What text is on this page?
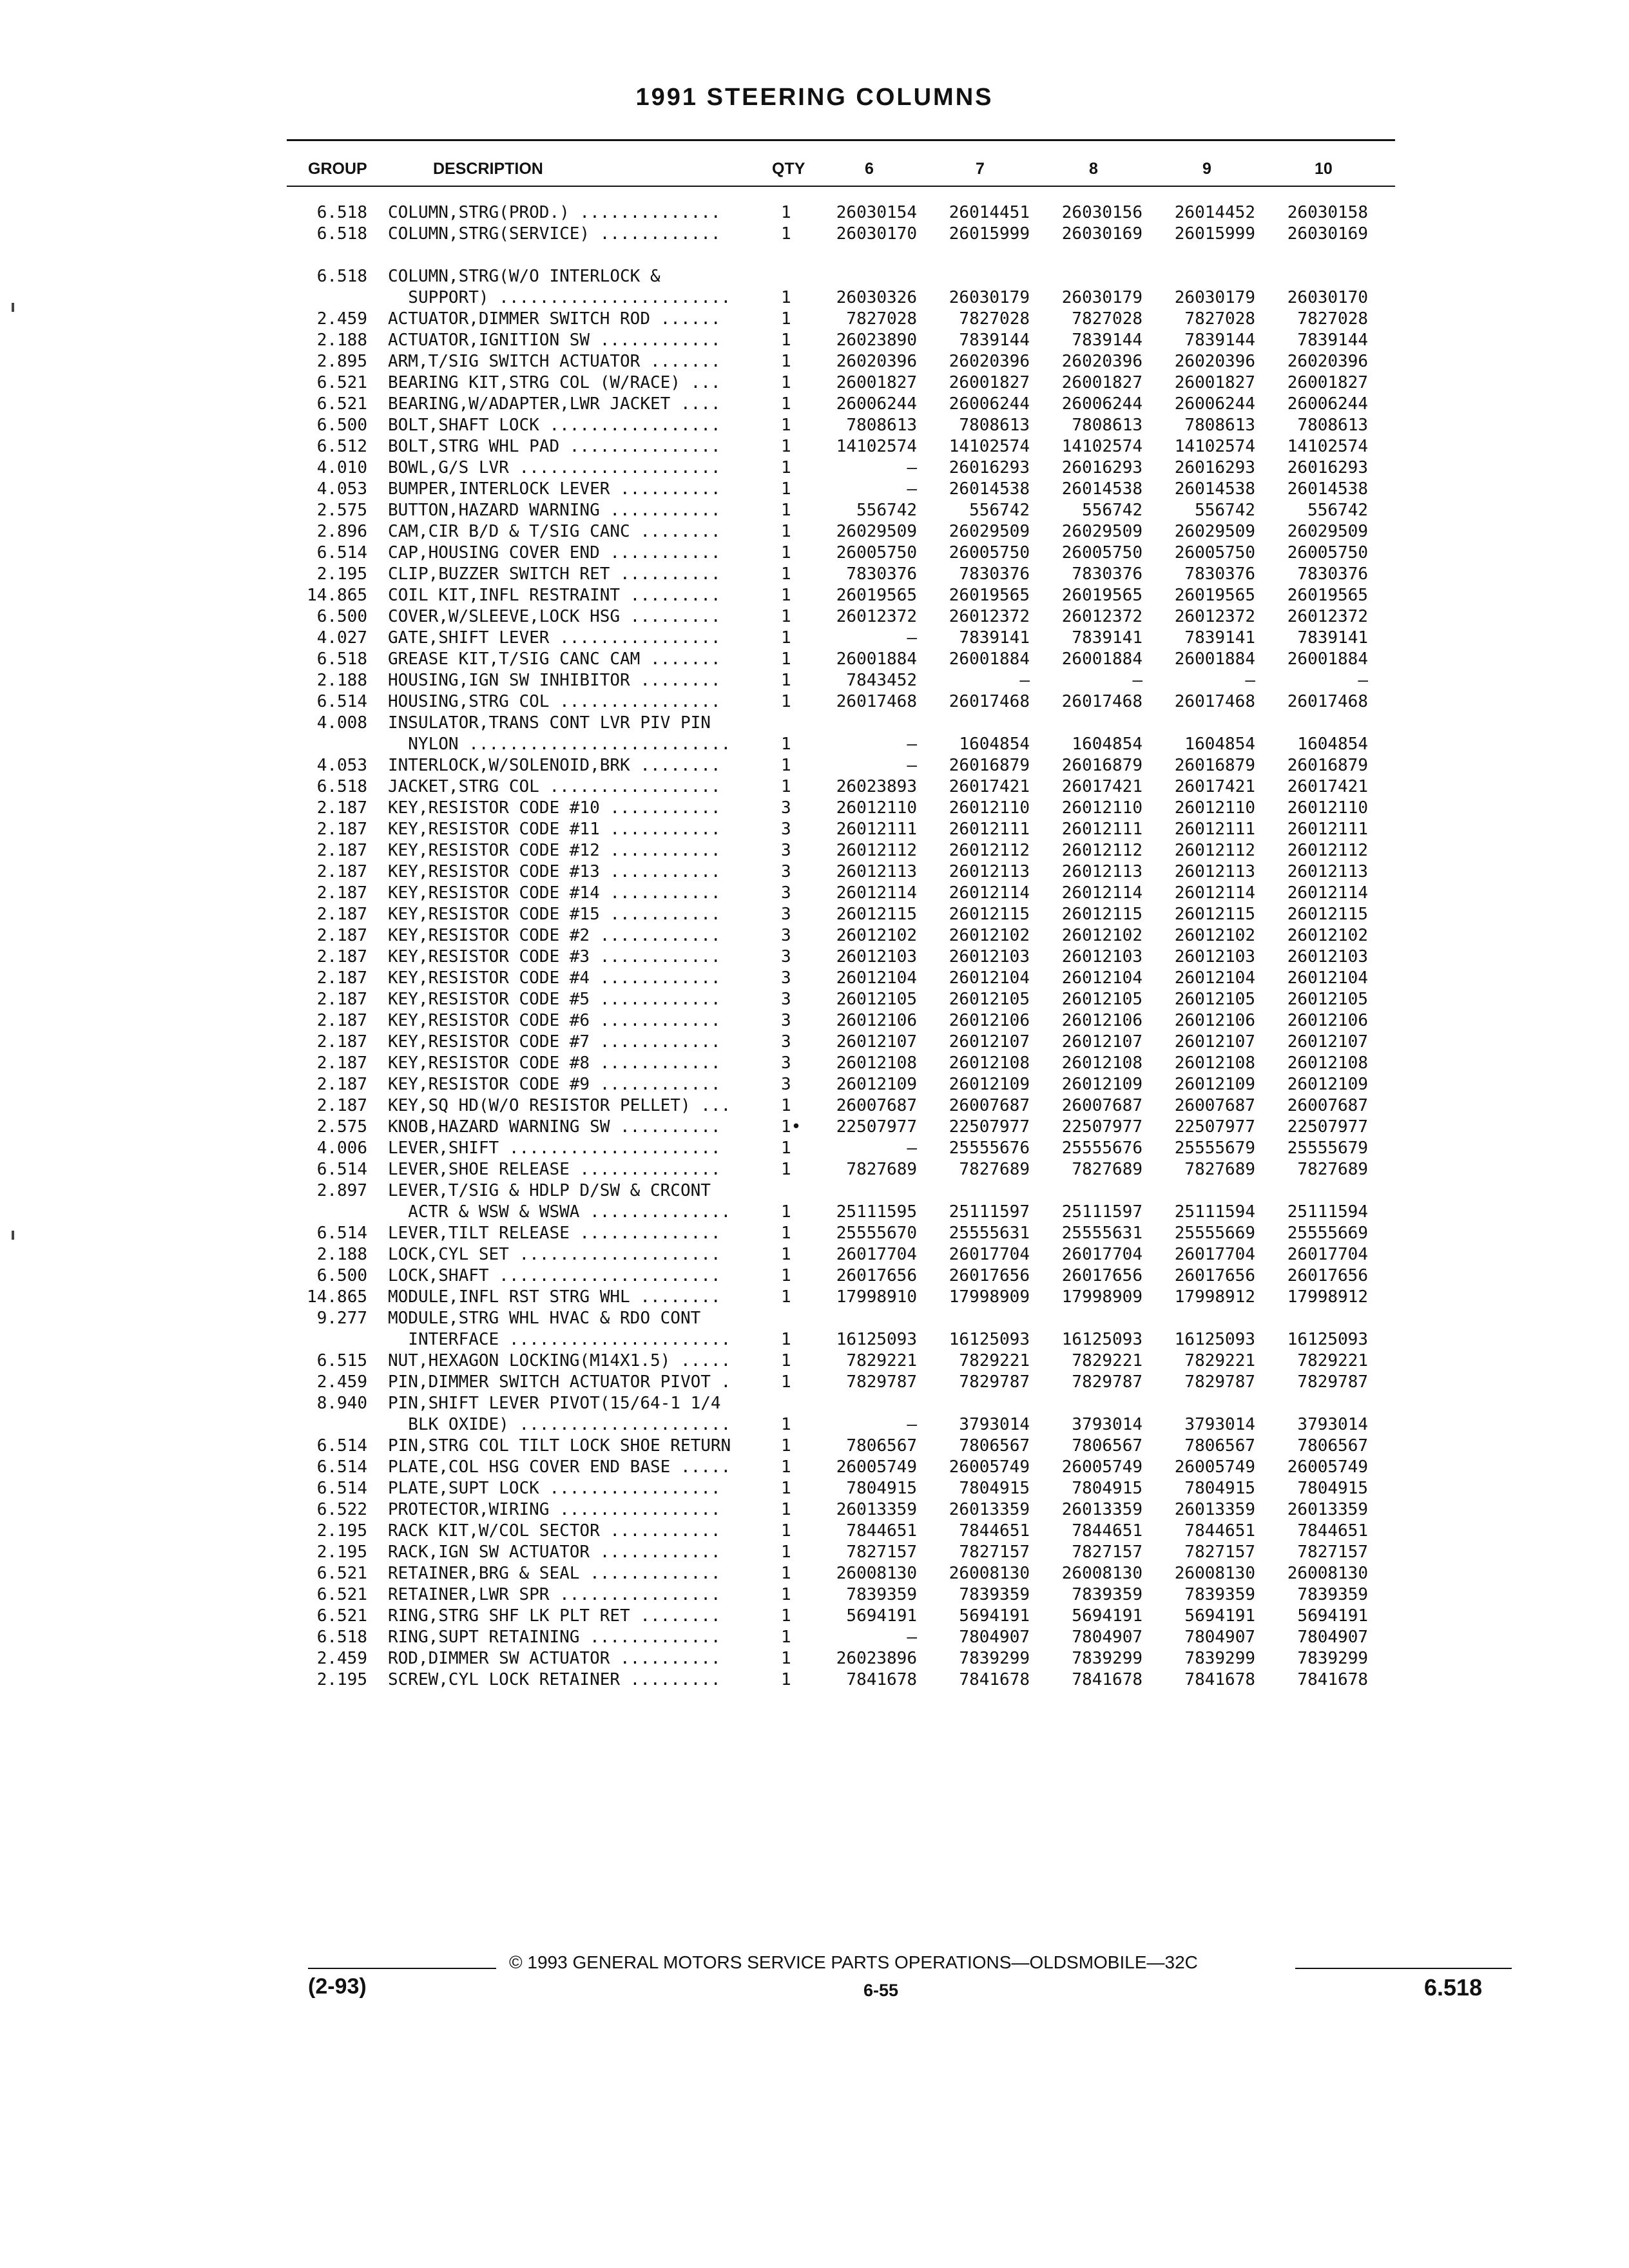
1991 STEERING COLUMNS
GROUP	DESCRIPTION	QTY	6	7	8	9	10
6.518 COLUMN,STRG(PROD.) ..............	1	26030154	26014451	26030156	26014452	26030158
6.518 COLUMN,STRG(SERVICE) ............	1	26030170	26015999	26030169	26015999	26030169
6.518 COLUMN,STRG(W/O INTERLOCK &
SUPPORT) .......................	1	26030326	26030179	26030179	26030179	26030170
2.459 ACTUATOR,DIMMER SWITCH ROD ......	1	7827028	7827028	7827028	7827028	7827028
2.188 ACTUATOR,IGNITION SW ............	1	26023890	7839144	7839144	7839144	7839144
2.895 ARM,T/SIG SWITCH ACTUATOR .......	1	26020396	26020396	26020396	26020396	26020396
6.521 BEARING KIT,STRG COL (W/RACE) ...	1	26001827	26001827	26001827	26001827	26001827
6.521 BEARING,W/ADAPTER,LWR JACKET ....	1	26006244	26006244	26006244	26006244	26006244
6.500 BOLT,SHAFT LOCK .................	1	7808613	7808613	7808613	7808613	7808613
6.512 BOLT,STRG WHL PAD ...............	1	14102574	14102574	14102574	14102574	14102574
4.010 BOWL,G/S LVR ....................	1	—	26016293	26016293	26016293	26016293
4.053 BUMPER,INTERLOCK LEVER ..........	1	—	26014538	26014538	26014538	26014538
2.575 BUTTON,HAZARD WARNING ...........	1	556742	556742	556742	556742	556742
2.896 CAM,CIR B/D & T/SIG CANC ........	1	26029509	26029509	26029509	26029509	26029509
6.514 CAP,HOUSING COVER END ...........	1	26005750	26005750	26005750	26005750	26005750
2.195 CLIP,BUZZER SWITCH RET ..........	1	7830376	7830376	7830376	7830376	7830376
14.865 COIL KIT,INFL RESTRAINT .........	1	26019565	26019565	26019565	26019565	26019565
6.500 COVER,W/SLEEVE,LOCK HSG .........	1	26012372	26012372	26012372	26012372	26012372
4.027 GATE,SHIFT LEVER ................	1	—	7839141	7839141	7839141	7839141
6.518 GREASE KIT,T/SIG CANC CAM .......	1	26001884	26001884	26001884	26001884	26001884
2.188 HOUSING,IGN SW INHIBITOR ........	1	7843452	—	—	—	—
6.514 HOUSING,STRG COL ................	1	26017468	26017468	26017468	26017468	26017468
4.008 INSULATOR,TRANS CONT LVR PIV PIN
NYLON ..........................	1	—	1604854	1604854	1604854	1604854
4.053 INTERLOCK,W/SOLENOID,BRK ........	1	—	26016879	26016879	26016879	26016879
6.518 JACKET,STRG COL .................	1	26023893	26017421	26017421	26017421	26017421
2.187 KEY,RESISTOR CODE #10 ...........	3	26012110	26012110	26012110	26012110	26012110
2.187 KEY,RESISTOR CODE #11 ...........	3	26012111	26012111	26012111	26012111	26012111
2.187 KEY,RESISTOR CODE #12 ...........	3	26012112	26012112	26012112	26012112	26012112
2.187 KEY,RESISTOR CODE #13 ...........	3	26012113	26012113	26012113	26012113	26012113
2.187 KEY,RESISTOR CODE #14 ...........	3	26012114	26012114	26012114	26012114	26012114
2.187 KEY,RESISTOR CODE #15 ...........	3	26012115	26012115	26012115	26012115	26012115
2.187 KEY,RESISTOR CODE #2 ............	3	26012102	26012102	26012102	26012102	26012102
2.187 KEY,RESISTOR CODE #3 ............	3	26012103	26012103	26012103	26012103	26012103
2.187 KEY,RESISTOR CODE #4 ............	3	26012104	26012104	26012104	26012104	26012104
2.187 KEY,RESISTOR CODE #5 ............	3	26012105	26012105	26012105	26012105	26012105
2.187 KEY,RESISTOR CODE #6 ............	3	26012106	26012106	26012106	26012106	26012106
2.187 KEY,RESISTOR CODE #7 ............	3	26012107	26012107	26012107	26012107	26012107
2.187 KEY,RESISTOR CODE #8 ............	3	26012108	26012108	26012108	26012108	26012108
2.187 KEY,RESISTOR CODE #9 ............	3	26012109	26012109	26012109	26012109	26012109
2.187 KEY,SQ HD(W/O RESISTOR PELLET) ...	1	26007687	26007687	26007687	26007687	26007687
2.575 KNOB,HAZARD WARNING SW ..........	1•	22507977	22507977	22507977	22507977	22507977
4.006 LEVER,SHIFT .....................	1	—	25555676	25555676	25555679	25555679
6.514 LEVER,SHOE RELEASE ..............	1	7827689	7827689	7827689	7827689	7827689
2.897 LEVER,T/SIG & HDLP D/SW & CRCONT
ACTR & WSW & WSWA ..............	1	25111595	25111597	25111597	25111594	25111594
6.514 LEVER,TILT RELEASE ..............	1	25555670	25555631	25555631	25555669	25555669
2.188 LOCK,CYL SET ....................	1	26017704	26017704	26017704	26017704	26017704
6.500 LOCK,SHAFT ......................	1	26017656	26017656	26017656	26017656	26017656
14.865 MODULE,INFL RST STRG WHL ........	1	17998910	17998909	17998909	17998912	17998912
9.277 MODULE,STRG WHL HVAC & RDO CONT
INTERFACE ......................	1	16125093	16125093	16125093	16125093	16125093
6.515 NUT,HEXAGON LOCKING(M14X1.5) .....	1	7829221	7829221	7829221	7829221	7829221
2.459 PIN,DIMMER SWITCH ACTUATOR PIVOT .	1	7829787	7829787	7829787	7829787	7829787
8.940 PIN,SHIFT LEVER PIVOT(15/64-1 1/4
BLK OXIDE) .....................	1	—	3793014	3793014	3793014	3793014
6.514 PIN,STRG COL TILT LOCK SHOE RETURN	1	7806567	7806567	7806567	7806567	7806567
6.514 PLATE,COL HSG COVER END BASE .....	1	26005749	26005749	26005749	26005749	26005749
6.514 PLATE,SUPT LOCK .................	1	7804915	7804915	7804915	7804915	7804915
6.522 PROTECTOR,WIRING ................	1	26013359	26013359	26013359	26013359	26013359
2.195 RACK KIT,W/COL SECTOR ...........	1	7844651	7844651	7844651	7844651	7844651
2.195 RACK,IGN SW ACTUATOR ............	1	7827157	7827157	7827157	7827157	7827157
6.521 RETAINER,BRG & SEAL .............	1	26008130	26008130	26008130	26008130	26008130
6.521 RETAINER,LWR SPR ................	1	7839359	7839359	7839359	7839359	7839359
6.521 RING,STRG SHF LK PLT RET ........	1	5694191	5694191	5694191	5694191	5694191
6.518 RING,SUPT RETAINING .............	1	—	7804907	7804907	7804907	7804907
2.459 ROD,DIMMER SW ACTUATOR ..........	1	26023896	7839299	7839299	7839299	7839299
2.195 SCREW,CYL LOCK RETAINER .........	1	7841678	7841678	7841678	7841678	7841678
© 1993 GENERAL MOTORS SERVICE PARTS OPERATIONS—OLDSMOBILE—32C
(2-93)	6-55	6.518
